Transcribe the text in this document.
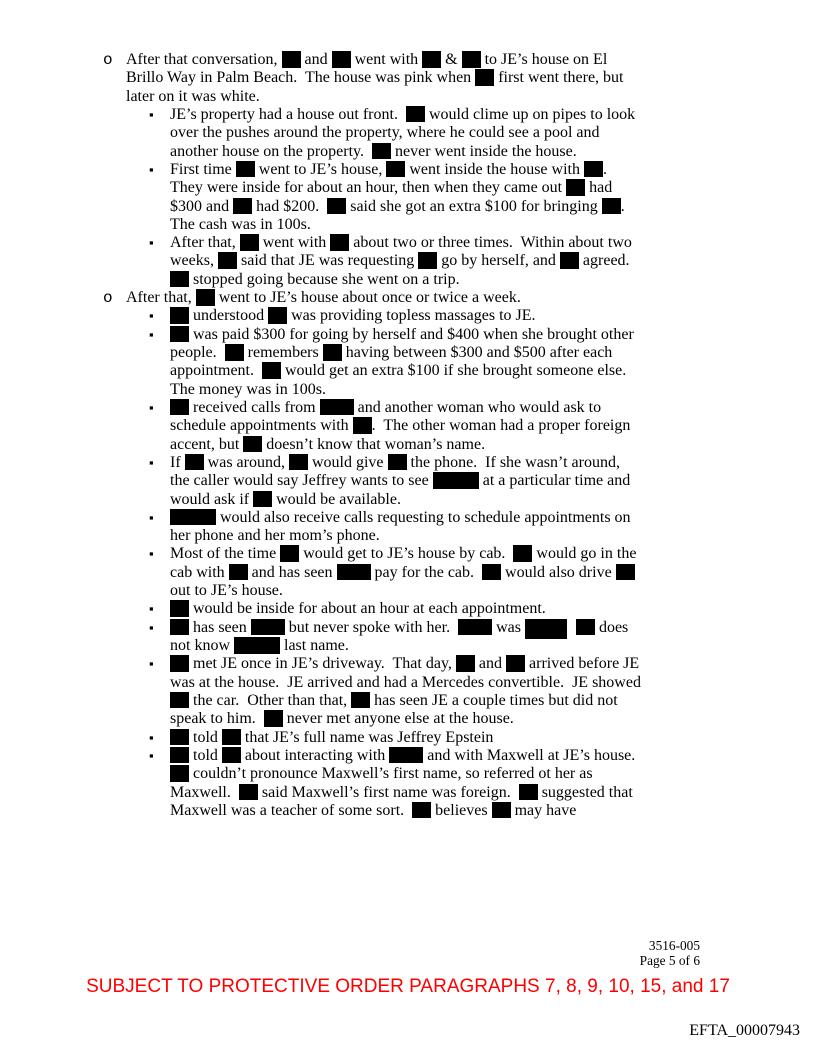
o After that conversation,  and  went with  &  to JE’s house on El
Brillo Way in Palm Beach.  The house was pink when  first went there, but
later on it was white.
▪ JE’s property had a house out front.   would clime up on pipes to look
over the pushes around the property, where he could see a pool and
another house on the property.   never went inside the house.
▪ First time  went to JE’s house,  went inside the house with .
They were inside for about an hour, then when they came out  had
$300 and  had $200.   said she got an extra $100 for bringing .
The cash was in 100s.
▪ After that,  went with  about two or three times.  Within about two
weeks,  said that JE was requesting  go by herself, and  agreed.
stopped going because she went on a trip.
o After that,  went to JE’s house about once or twice a week.
▪ understood  was providing topless massages to JE.
▪ was paid $300 for going by herself and $400 when she brought other
people.   remembers  having between $300 and $500 after each
appointment.   would get an extra $100 if she brought someone else.
The money was in 100s.
▪ received calls from  and another woman who would ask to
schedule appointments with .  The other woman had a proper foreign
accent, but  doesn’t know that woman’s name.
▪ If  was around,  would give  the phone.  If she wasn’t around,
the caller would say Jeffrey wants to see	at a particular time and
would ask if  would be available.
▪	would also receive calls requesting to schedule appointments on
her phone and her mom’s phone.
▪ Most of the time  would get to JE’s house by cab.   would go in the
cab with  and has seen  pay for the cab.   would also drive
out to JE’s house.
▪ would be inside for about an hour at each appointment.
▪ has seen  but never spoke with her.   was	does
not know	last name.
▪ met JE once in JE’s driveway.  That day,  and  arrived before JE
was at the house.  JE arrived and had a Mercedes convertible.  JE showed
the car.  Other than that,  has seen JE a couple times but did not
speak to him.   never met anyone else at the house.
▪ told  that JE’s full name was Jeffrey Epstein
▪ told  about interacting with  and with Maxwell at JE’s house.
couldn’t pronounce Maxwell’s first name, so referred ot her as
Maxwell.   said Maxwell’s first name was foreign.   suggested that
Maxwell was a teacher of some sort.   believes  may have
3516-005
Page 5 of 6
SUBJECT TO PROTECTIVE ORDER PARAGRAPHS 7, 8, 9, 10, 15, and 17
EFTA_00007943
